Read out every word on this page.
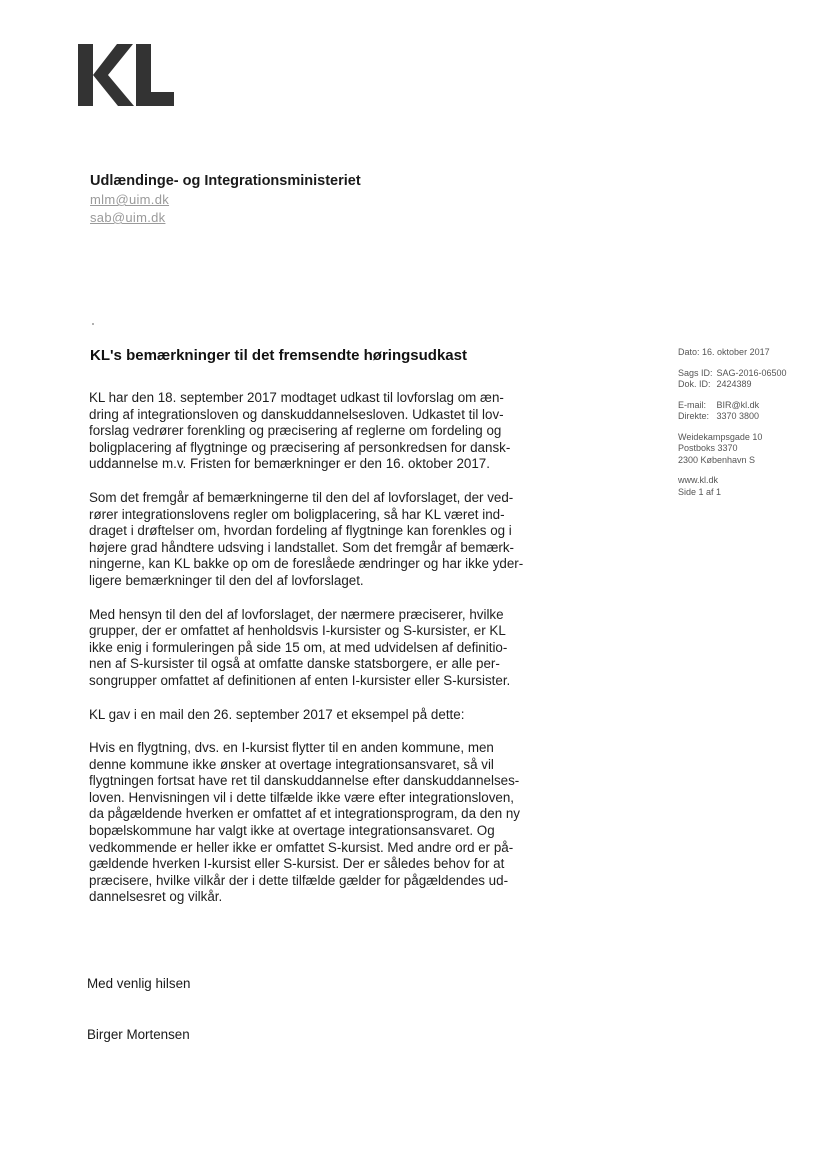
Udlændinge- og Integrationsministeriet
mlm@uim.dk
sab@uim.dk
KL's bemærkninger til det fremsendte høringsudkast

KL har den 18. september 2017 modtaget udkast til lovforslag om æn-
dring af integrationsloven og danskuddannelsesloven. Udkastet til lov-
forslag vedrører forenkling og præcisering af reglerne om fordeling og
boligplacering af flygtninge og præcisering af personkredsen for dansk-
uddannelse m.v. Fristen for bemærkninger er den 16. oktober 2017.

Som det fremgår af bemærkningerne til den del af lovforslaget, der ved-
rører integrationslovens regler om boligplacering, så har KL været ind-
draget i drøftelser om, hvordan fordeling af flygtninge kan forenkles og i
højere grad håndtere udsving i landstallet. Som det fremgår af bemærk-
ningerne, kan KL bakke op om de foreslåede ændringer og har ikke yder-
ligere bemærkninger til den del af lovforslaget.

Med hensyn til den del af lovforslaget, der nærmere præciserer, hvilke
grupper, der er omfattet af henholdsvis I-kursister og S-kursister, er KL
ikke enig i formuleringen på side 15 om, at med udvidelsen af definitio-
nen af S-kursister til også at omfatte danske statsborgere, er alle per-
songrupper omfattet af definitionen af enten I-kursister eller S-kursister.

KL gav i en mail den 26. september 2017 et eksempel på dette:

Hvis en flygtning, dvs. en I-kursist flytter til en anden kommune, men
denne kommune ikke ønsker at overtage integrationsansvaret, så vil
flygtningen fortsat have ret til danskuddannelse efter danskuddannelses-
loven. Henvisningen vil i dette tilfælde ikke være efter integrationsloven,
da pågældende hverken er omfattet af et integrationsprogram, da den ny
bopælskommune har valgt ikke at overtage integrationsansvaret. Og
vedkommende er heller ikke er omfattet S-kursist. Med andre ord er på-
gældende hverken I-kursist eller S-kursist. Der er således behov for at
præcisere, hvilke vilkår der i dette tilfælde gælder for pågældendes ud-
dannelsesret og vilkår.

Med venlig hilsen
Birger Mortensen
Dato: 16. oktober 2017
Sags ID: SAG-2016-06500
Dok. ID: 2424389
E-mail: BIR@kl.dk
Direkte: 3370 3800
Weidekampsgade 10
Postboks 3370
2300 København S
www.kl.dk
Side 1 af 1
